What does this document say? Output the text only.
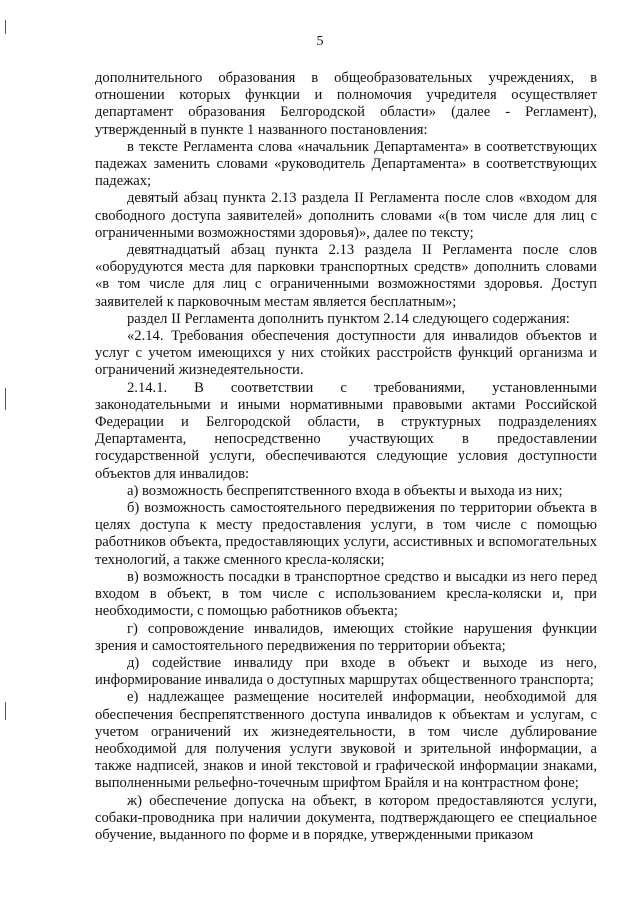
5

дополнительного образования в общеобразовательных учреждениях, в отношении которых функции и полномочия учредителя осуществляет департамент образования Белгородской области» (далее - Регламент), утвержденный в пункте 1 названного постановления:

в тексте Регламента слова «начальник Департамента» в соответствующих падежах заменить словами «руководитель Департамента» в соответствующих падежах;

девятый абзац пункта 2.13 раздела II Регламента после слов «входом для свободного доступа заявителей» дополнить словами «(в том числе для лиц с ограниченными возможностями здоровья)», далее по тексту;

девятнадцатый абзац пункта 2.13 раздела II Регламента после слов «оборудуются места для парковки транспортных средств» дополнить словами «в том числе для лиц с ограниченными возможностями здоровья. Доступ заявителей к парковочным местам является бесплатным»;

раздел II Регламента дополнить пунктом 2.14 следующего содержания:

«2.14. Требования обеспечения доступности для инвалидов объектов и услуг с учетом имеющихся у них стойких расстройств функций организма и ограничений жизнедеятельности.

2.14.1. В соответствии с требованиями, установленными законодательными и иными нормативными правовыми актами Российской Федерации и Белгородской области, в структурных подразделениях Департамента, непосредственно участвующих в предоставлении государственной услуги, обеспечиваются следующие условия доступности объектов для инвалидов:

а) возможность беспрепятственного входа в объекты и выхода из них;

б) возможность самостоятельного передвижения по территории объекта в целях доступа к месту предоставления услуги, в том числе с помощью работников объекта, предоставляющих услуги, ассистивных и вспомогательных технологий, а также сменного кресла-коляски;

в) возможность посадки в транспортное средство и высадки из него перед входом в объект, в том числе с использованием кресла-коляски и, при необходимости, с помощью работников объекта;

г) сопровождение инвалидов, имеющих стойкие нарушения функции зрения и самостоятельного передвижения по территории объекта;

д) содействие инвалиду при входе в объект и выходе из него, информирование инвалида о доступных маршрутах общественного транспорта;

е) надлежащее размещение носителей информации, необходимой для обеспечения беспрепятственного доступа инвалидов к объектам и услугам, с учетом ограничений их жизнедеятельности, в том числе дублирование необходимой для получения услуги звуковой и зрительной информации, а также надписей, знаков и иной текстовой и графической информации знаками, выполненными рельефно-точечным шрифтом Брайля и на контрастном фоне;

ж) обеспечение допуска на объект, в котором предоставляются услуги, собаки-проводника при наличии документа, подтверждающего ее специальное обучение, выданного по форме и в порядке, утвержденными приказом
